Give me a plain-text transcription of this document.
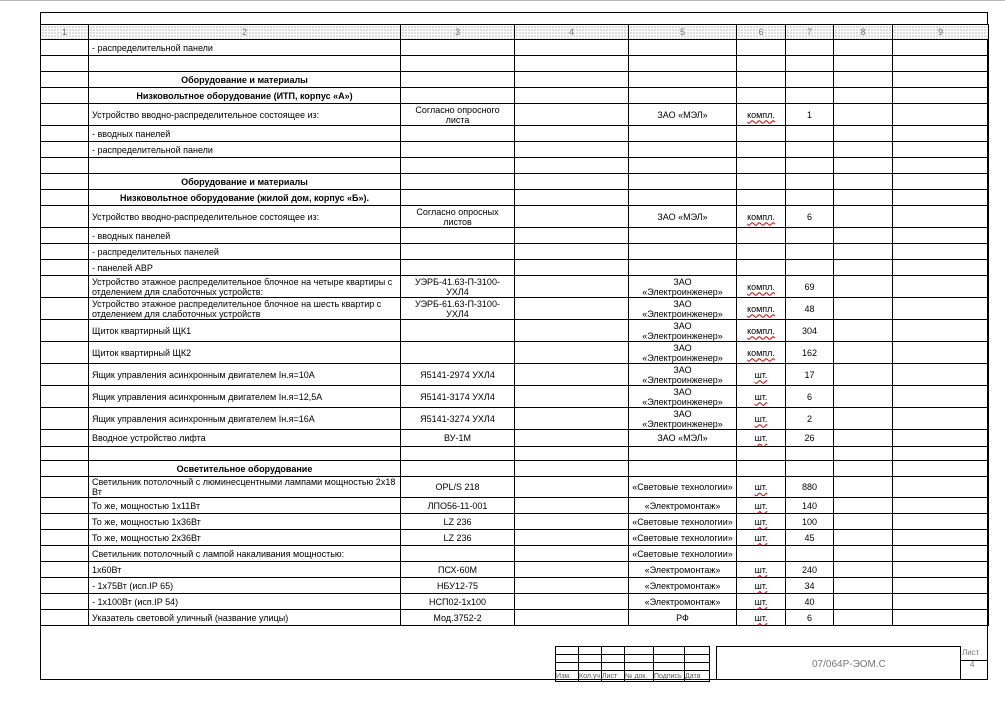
1	2	3	4	5	6	7	8	9
	- распределительной панели							

	Оборудование и материалы							
	Низковольтное оборудование (ИТП, корпус «А»)							
	Устройство вводно-распределительное состоящее из:	Согласно опросного листа		ЗАО «МЭЛ»	компл.	1		
	- вводных панелей							
	- распределительной панели							

	Оборудование и материалы							
	Низковольтное оборудование (жилой дом, корпус «Б»).							
	Устройство вводно-распределительное состоящее из:	Согласно опросных листов		ЗАО «МЭЛ»	компл.	6		
	- вводных панелей							
	- распределительных панелей							
	- панелей АВР							
	Устройство этажное распределительное блочное на четыре квартиры с отделением для слаботочных устройств:	УЭРБ-41.63-П-3100-УХЛ4		ЗАО «Электроинженер»	компл.	69		
	Устройство этажное распределительное блочное на шесть квартир с отделением для слаботочных устройств	УЭРБ-61.63-П-3100-УХЛ4		ЗАО «Электроинженер»	компл.	48		
	Щиток квартирный ЩК1			ЗАО «Электроинженер»	компл.	304		
	Щиток квартирный ЩК2			ЗАО «Электроинженер»	компл.	162		
	Ящик управления асинхронным двигателем Iн.я=10А	Я5141-2974 УХЛ4		ЗАО «Электроинженер»	шт.	17		
	Ящик управления асинхронным двигателем Iн.я=12,5А	Я5141-3174 УХЛ4		ЗАО «Электроинженер»	шт.	6		
	Ящик управления асинхронным двигателем Iн.я=16А	Я5141-3274 УХЛ4		ЗАО «Электроинженер»	шт.	2		
	Вводное устройство лифта	ВУ-1М		ЗАО «МЭЛ»	шт.	26		

	Осветительное оборудование							
	Светильник потолочный с люминесцентными лампами мощностью 2х18 Вт	OPL/S 218		«Световые технологии»	шт.	880		
	То же, мощностью 1х11Вт	ЛПО56-11-001		«Электромонтаж»	шт.	140		
	То же, мощностью 1х36Вт	LZ 236		«Световые технологии»	шт.	100		
	То же, мощностью 2х36Вт	LZ 236		«Световые технологии»	шт.	45		
	Светильник потолочный с лампой накаливания мощностью:			«Световые технологии»				
	1х60Вт	ПСХ-60М		«Электромонтаж»	шт.	240		
	- 1х75Вт (исп.IP 65)	НБУ12-75		«Электромонтаж»	шт.	34		
	- 1х100Вт (исп.IP 54)	НСП02-1х100		«Электромонтаж»	шт.	40		
	Указатель световой уличный (название улицы)	Мод.3752-2		РФ	шт.	6		

Изм.	Кол.уч	Лист	№ док.	Подпись	Дата
07/064Р-ЭОМ.С
Лист
4
